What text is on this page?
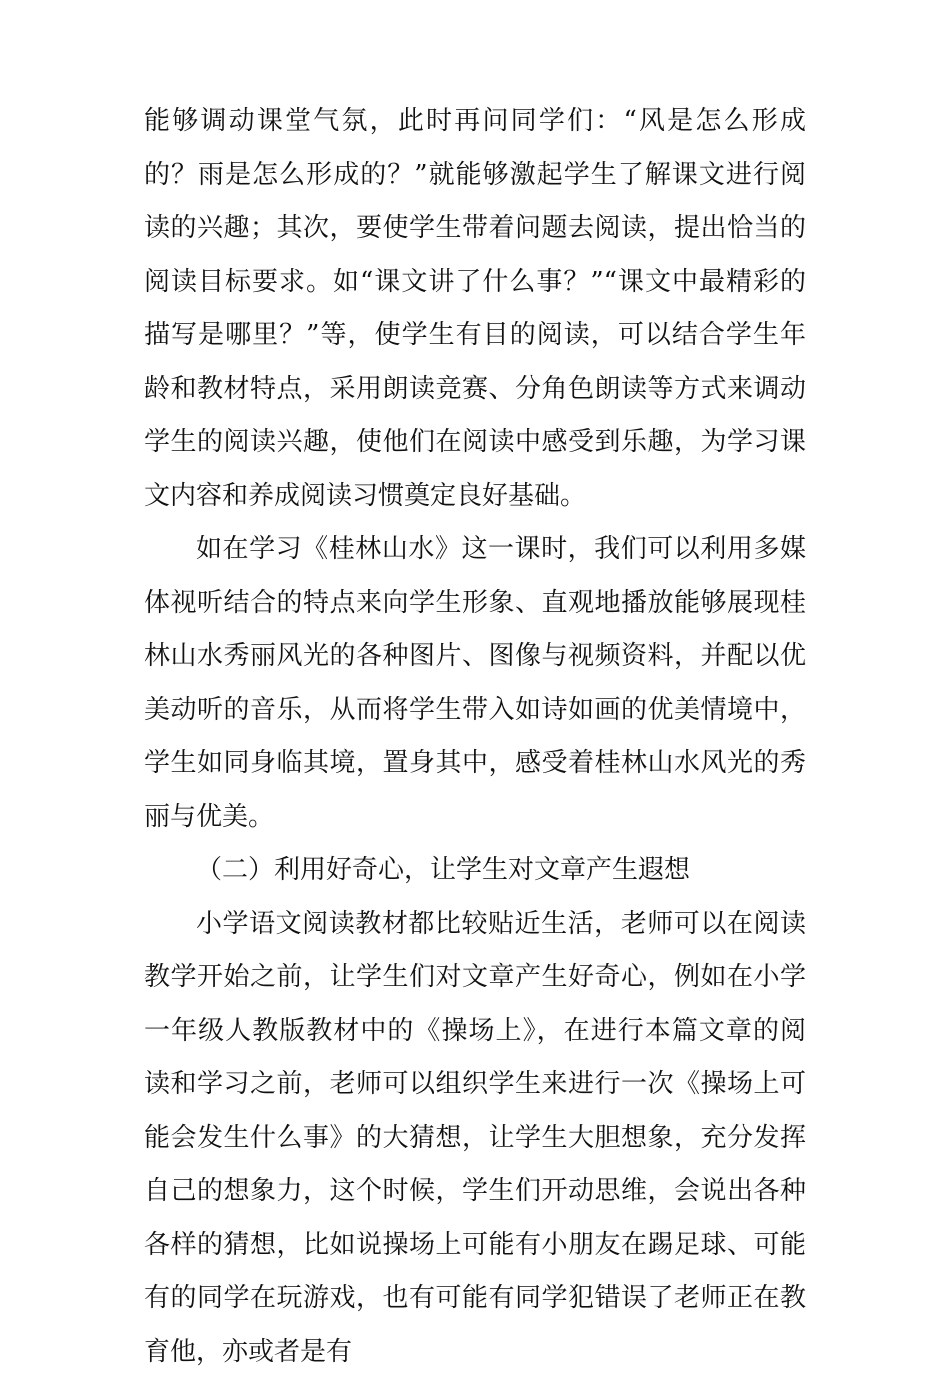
能够调动课堂气氛，此时再问同学们：“风是怎么形成的？雨是怎么形成的？”就能够激起学生了解课文进行阅读的兴趣；其次，要使学生带着问题去阅读，提出恰当的阅读目标要求。如“课文讲了什么事？”“课文中最精彩的描写是哪里？”等，使学生有目的阅读，可以结合学生年龄和教材特点，采用朗读竞赛、分角色朗读等方式来调动学生的阅读兴趣，使他们在阅读中感受到乐趣，为学习课文内容和养成阅读习惯奠定良好基础。

如在学习《桂林山水》这一课时，我们可以利用多媒体视听结合的特点来向学生形象、直观地播放能够展现桂林山水秀丽风光的各种图片、图像与视频资料，并配以优美动听的音乐，从而将学生带入如诗如画的优美情境中，学生如同身临其境，置身其中，感受着桂林山水风光的秀丽与优美。

（二）利用好奇心，让学生对文章产生遐想

小学语文阅读教材都比较贴近生活，老师可以在阅读教学开始之前，让学生们对文章产生好奇心，例如在小学一年级人教版教材中的《操场上》，在进行本篇文章的阅读和学习之前，老师可以组织学生来进行一次《操场上可能会发生什么事》的大猜想，让学生大胆想象，充分发挥自己的想象力，这个时候，学生们开动思维，会说出各种各样的猜想，比如说操场上可能有小朋友在踢足球、可能有的同学在玩游戏，也有可能有同学犯错误了老师正在教育他，亦或者是有
